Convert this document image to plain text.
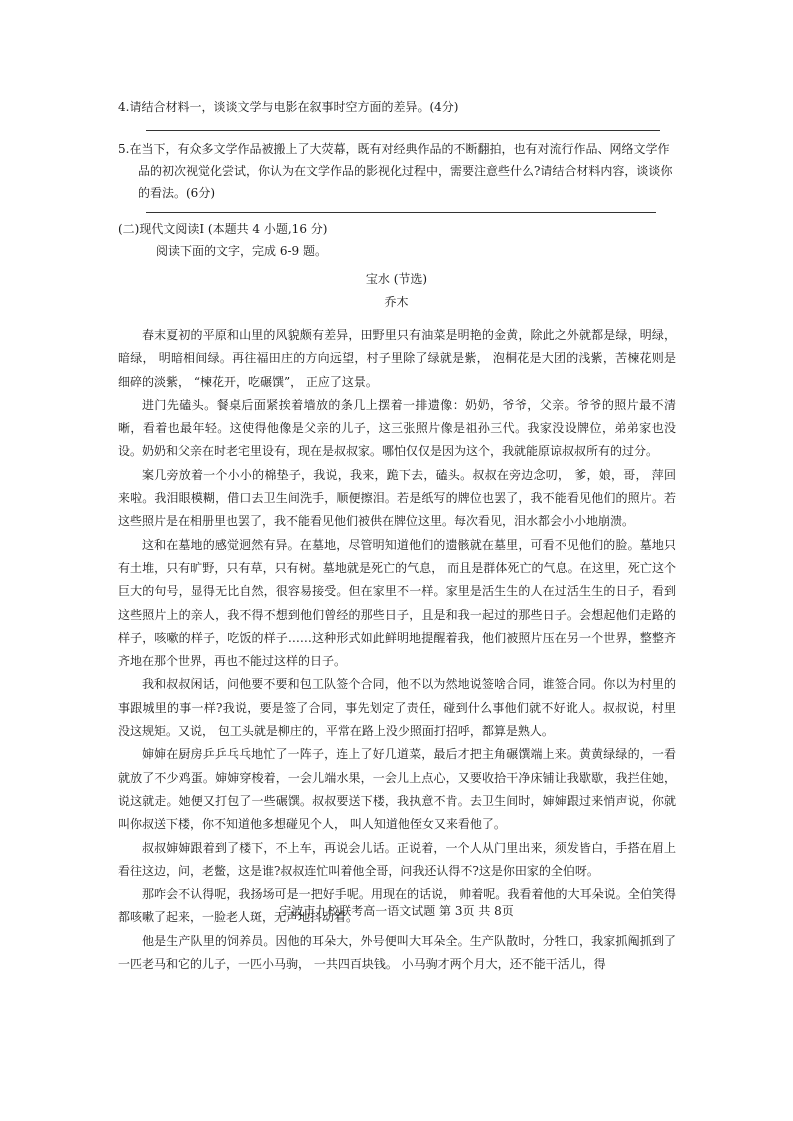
4.请结合材料一，谈谈文学与电影在叙事时空方面的差异。(4分)
5.在当下，有众多文学作品被搬上了大荧幕，既有对经典作品的不断翻拍，也有对流行作品、网络文学作品的初次视觉化尝试，你认为在文学作品的影视化过程中，需要注意些什么?请结合材料内容，谈谈你的看法。(6分)
(二)现代文阅读Ⅰ (本题共 4 小题,16 分)
阅读下面的文字，完成 6-9 题。
宝水 (节选)
乔木

春末夏初的平原和山里的风貌颇有差异，田野里只有油菜是明艳的金黄，除此之外就都是绿，明绿，暗绿， 明暗相间绿。再往福田庄的方向远望，村子里除了绿就是紫， 泡桐花是大团的浅紫，苦楝花则是细碎的淡紫， “楝花开，吃碾馔”， 正应了这景。

进门先磕头。餐桌后面紧挨着墙放的条几上摆着一排遗像：奶奶，爷爷，父亲。爷爷的照片最不清晰，看着也最年轻。这使得他像是父亲的儿子，这三张照片像是祖孙三代。我家没设牌位，弟弟家也没设。奶奶和父亲在时老宅里设有，现在是叔叔家。哪怕仅仅是因为这个，我就能原谅叔叔所有的过分。

案几旁放着一个小小的棉垫子，我说，我来，跪下去，磕头。叔叔在旁边念叨， 爹，娘，哥， 萍回来啦。我泪眼模糊，借口去卫生间洗手，顺便擦泪。若是纸写的牌位也罢了，我不能看见他们的照片。若这些照片是在相册里也罢了，我不能看见他们被供在牌位这里。每次看见，泪水都会小小地崩溃。

这和在墓地的感觉迥然有异。在墓地，尽管明知道他们的遗骸就在墓里，可看不见他们的脸。墓地只有土堆，只有旷野，只有草，只有树。墓地就是死亡的气息， 而且是群体死亡的气息。在这里，死亡这个巨大的句号，显得无比自然，很容易接受。但在家里不一样。家里是活生生的人在过活生生的日子，看到这些照片上的亲人，我不得不想到他们曾经的那些日子，且是和我一起过的那些日子。会想起他们走路的样子，咳嗽的样子，吃饭的样子……这种形式如此鲜明地提醒着我，他们被照片压在另一个世界，整整齐齐地在那个世界，再也不能过这样的日子。

我和叔叔闲话，问他要不要和包工队签个合同，他不以为然地说签啥合同，谁签合同。你以为村里的事跟城里的事一样?我说，要是签了合同，事先划定了责任，碰到什么事他们就不好讹人。叔叔说，村里没这规矩。又说， 包工头就是柳庄的，平常在路上没少照面打招呼，都算是熟人。

婶婶在厨房乒乒乓乓地忙了一阵子，连上了好几道菜，最后才把主角碾馔端上来。黄黄绿绿的，一看就放了不少鸡蛋。婶婶穿梭着，一会儿端水果，一会儿上点心，又要收拾干净床铺让我歇歇，我拦住她，说这就走。她便又打包了一些碾馔。叔叔要送下楼，我执意不肯。去卫生间时，婶婶跟过来悄声说，你就叫你叔送下楼，你不知道他多想碰见个人， 叫人知道他侄女又来看他了。

叔叔婶婶跟着到了楼下，不上车，再说会儿话。正说着，一个人从门里出来，须发皆白，手搭在眉上看往这边，问，老鳖，这是谁?叔叔连忙叫着他全哥，问我还认得不?这是你田家的全伯呀。

那咋会不认得呢，我扬场可是一把好手呢。用现在的话说， 帅着呢。我看着他的大耳朵说。全伯笑得都咳嗽了起来，一脸老人斑，无声地抖动着。

他是生产队里的饲养员。因他的耳朵大，外号便叫大耳朵全。生产队散时，分牲口，我家抓阄抓到了一匹老马和它的儿子，一匹小马驹， 一共四百块钱。 小马驹才两个月大，还不能干活儿，得

宁波市九校联考高一语文试题 第 3页 共 8页
